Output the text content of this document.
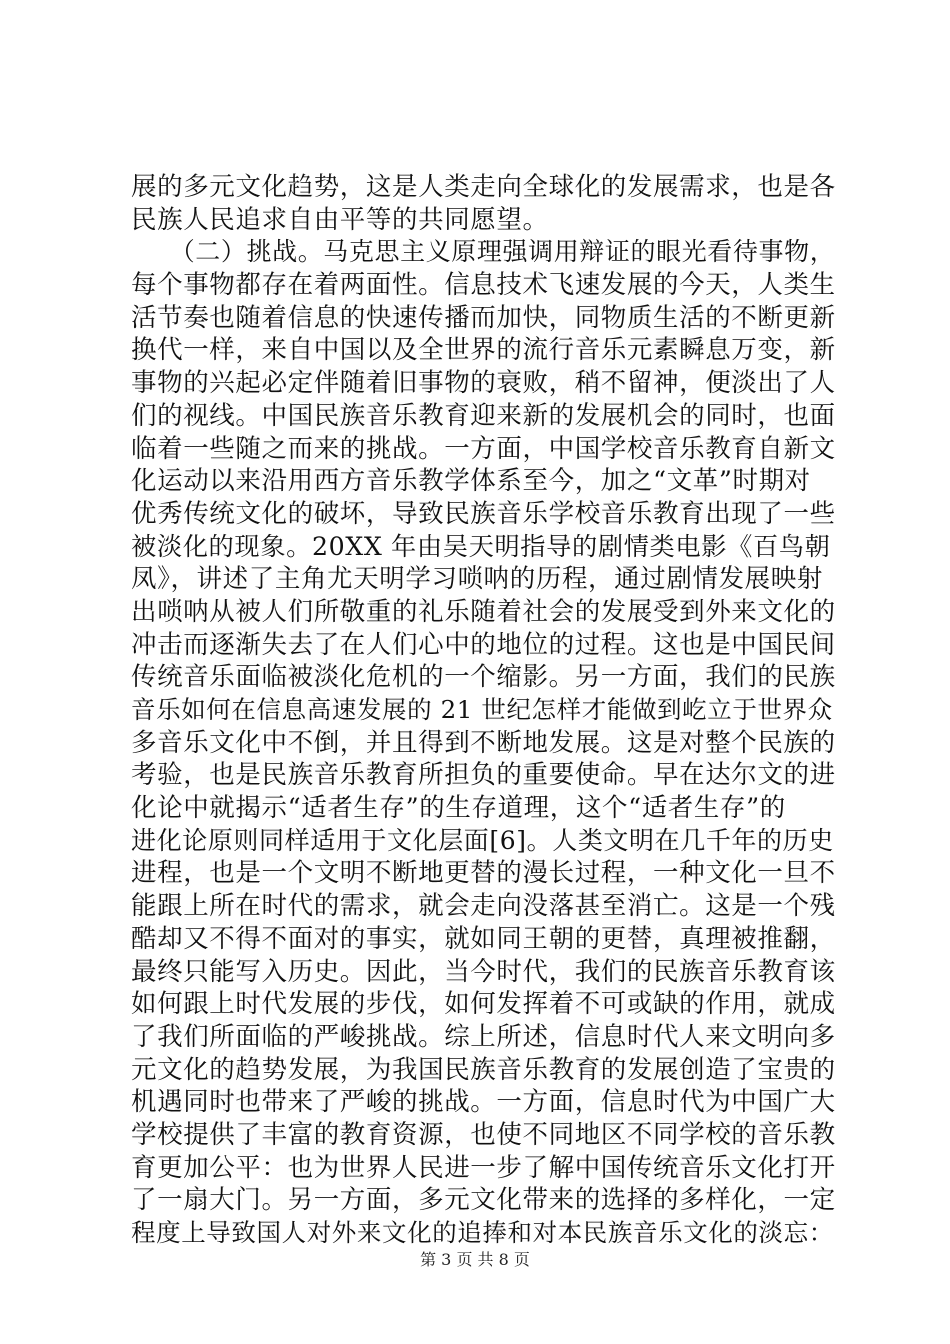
展的多元文化趋势，这是人类走向全球化的发展需求，也是各
民族人民追求自由平等的共同愿望。
　　（二）挑战。马克思主义原理强调用辩证的眼光看待事物，
每个事物都存在着两面性。信息技术飞速发展的今天，人类生
活节奏也随着信息的快速传播而加快，同物质生活的不断更新
换代一样，来自中国以及全世界的流行音乐元素瞬息万变，新
事物的兴起必定伴随着旧事物的衰败，稍不留神，便淡出了人
们的视线。中国民族音乐教育迎来新的发展机会的同时，也面
临着一些随之而来的挑战。一方面，中国学校音乐教育自新文
化运动以来沿用西方音乐教学体系至今，加之“文革”时期对
优秀传统文化的破坏，导致民族音乐学校音乐教育出现了一些
被淡化的现象。20XX 年由吴天明指导的剧情类电影《百鸟朝
凤》，讲述了主角尤天明学习唢呐的历程，通过剧情发展映射
出唢呐从被人们所敬重的礼乐随着社会的发展受到外来文化的
冲击而逐渐失去了在人们心中的地位的过程。这也是中国民间
传统音乐面临被淡化危机的一个缩影。另一方面，我们的民族
音乐如何在信息高速发展的 21 世纪怎样才能做到屹立于世界众
多音乐文化中不倒，并且得到不断地发展。这是对整个民族的
考验，也是民族音乐教育所担负的重要使命。早在达尔文的进
化论中就揭示“适者生存”的生存道理，这个“适者生存”的
进化论原则同样适用于文化层面[6]。人类文明在几千年的历史
进程，也是一个文明不断地更替的漫长过程，一种文化一旦不
能跟上所在时代的需求，就会走向没落甚至消亡。这是一个残
酷却又不得不面对的事实，就如同王朝的更替，真理被推翻，
最终只能写入历史。因此，当今时代，我们的民族音乐教育该
如何跟上时代发展的步伐，如何发挥着不可或缺的作用，就成
了我们所面临的严峻挑战。综上所述，信息时代人来文明向多
元文化的趋势发展，为我国民族音乐教育的发展创造了宝贵的
机遇同时也带来了严峻的挑战。一方面，信息时代为中国广大
学校提供了丰富的教育资源，也使不同地区不同学校的音乐教
育更加公平：也为世界人民进一步了解中国传统音乐文化打开
了一扇大门。另一方面，多元文化带来的选择的多样化，一定
程度上导致国人对外来文化的追捧和对本民族音乐文化的淡忘：
第 3 页 共 8 页
